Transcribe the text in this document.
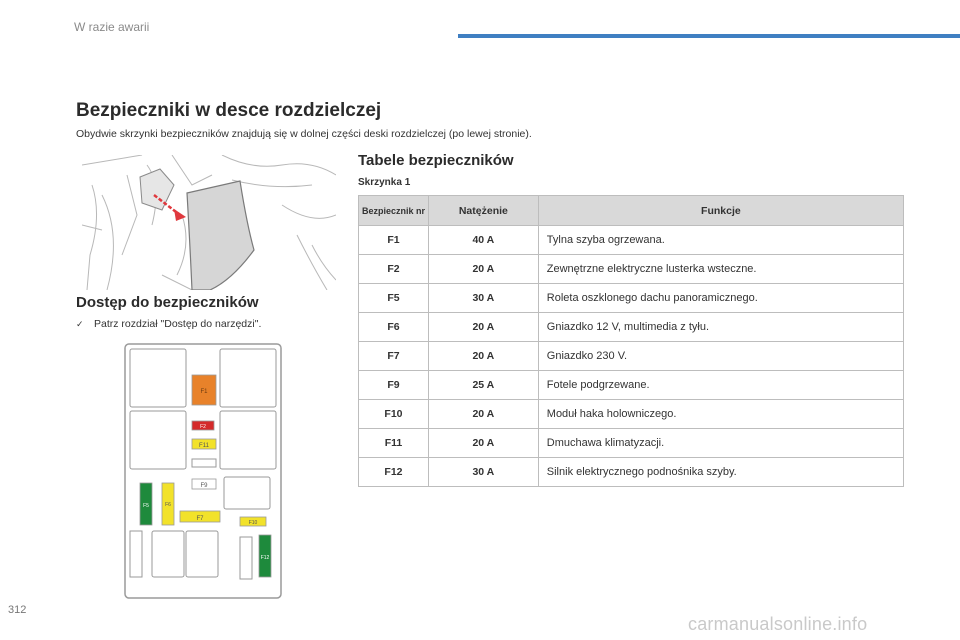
W razie awarii
Bezpieczniki w desce rozdzielczej
Obydwie skrzynki bezpieczników znajdują się w dolnej części deski rozdzielczej (po lewej stronie).
Dostęp do bezpieczników
✓ Patrz rozdział "Dostęp do narzędzi".
F1
F2
F11
F9
F5	F6
F7
F10
F12
Tabele bezpieczników
Skrzynka 1
Bezpiecznik nr	Natężenie	Funkcje
F1	40 A	Tylna szyba ogrzewana.
F2	20 A	Zewnętrzne elektryczne lusterka wsteczne.
F5	30 A	Roleta oszklonego dachu panoramicznego.
F6	20 A	Gniazdko 12 V, multimedia z tyłu.
F7	20 A	Gniazdko 230 V.
F9	25 A	Fotele podgrzewane.
F10	20 A	Moduł haka holowniczego.
F11	20 A	Dmuchawa klimatyzacji.
F12	30 A	Silnik elektrycznego podnośnika szyby.
312
carmanualsonline.info
